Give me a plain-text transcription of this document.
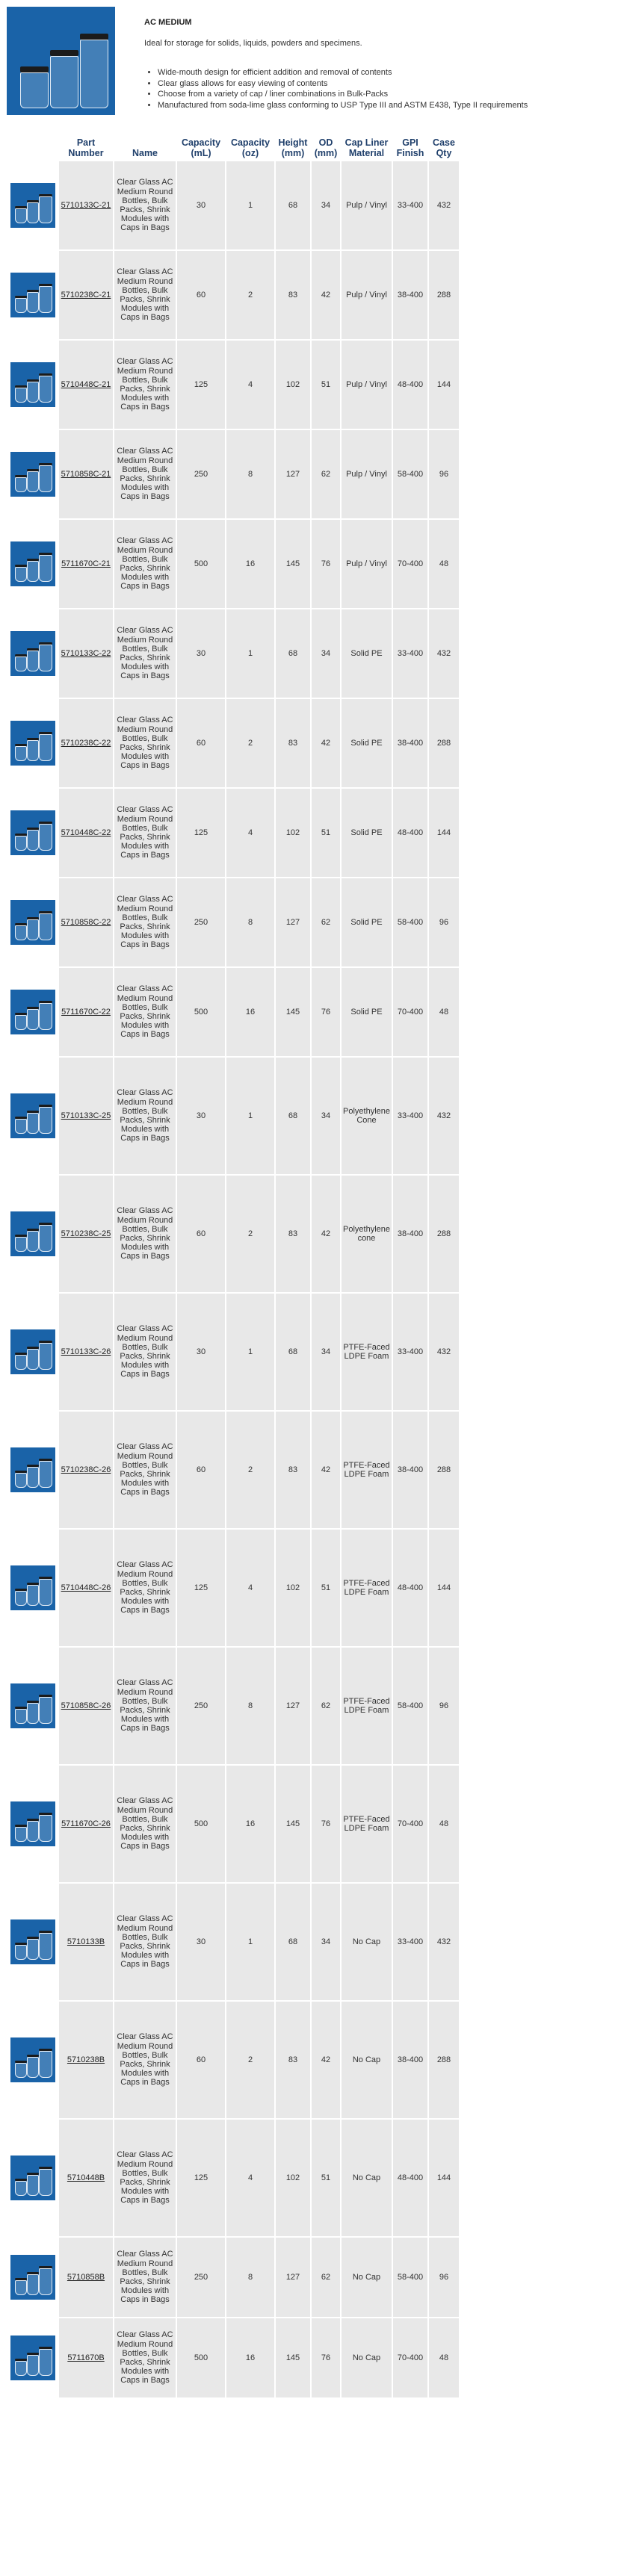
AC MEDIUM
Ideal for storage for solids, liquids, powders and specimens.
• Wide-mouth design for efficient addition and removal of contents
• Clear glass allows for easy viewing of contents
• Choose from a variety of cap / liner combinations in Bulk-Packs
• Manufactured from soda-lime glass conforming to USP Type III and ASTM E438, Type II requirements
	Part Number	Name	Capacity (mL)	Capacity (oz)	Height (mm)	OD (mm)	Cap Liner Material	GPI Finish	Case Qty

	5710133C-21	Clear Glass AC Medium Round Bottles, Bulk Packs, Shrink Modules with Caps in Bags	30	1	68	34	Pulp / Vinyl	33-400	432

	5710238C-21	Clear Glass AC Medium Round Bottles, Bulk Packs, Shrink Modules with Caps in Bags	60	2	83	42	Pulp / Vinyl	38-400	288

	5710448C-21	Clear Glass AC Medium Round Bottles, Bulk Packs, Shrink Modules with Caps in Bags	125	4	102	51	Pulp / Vinyl	48-400	144

	5710858C-21	Clear Glass AC Medium Round Bottles, Bulk Packs, Shrink Modules with Caps in Bags	250	8	127	62	Pulp / Vinyl	58-400	96

	5711670C-21	Clear Glass AC Medium Round Bottles, Bulk Packs, Shrink Modules with Caps in Bags	500	16	145	76	Pulp / Vinyl	70-400	48

	5710133C-22	Clear Glass AC Medium Round Bottles, Bulk Packs, Shrink Modules with Caps in Bags	30	1	68	34	Solid PE	33-400	432

	5710238C-22	Clear Glass AC Medium Round Bottles, Bulk Packs, Shrink Modules with Caps in Bags	60	2	83	42	Solid PE	38-400	288

	5710448C-22	Clear Glass AC Medium Round Bottles, Bulk Packs, Shrink Modules with Caps in Bags	125	4	102	51	Solid PE	48-400	144

	5710858C-22	Clear Glass AC Medium Round Bottles, Bulk Packs, Shrink Modules with Caps in Bags	250	8	127	62	Solid PE	58-400	96

	5711670C-22	Clear Glass AC Medium Round Bottles, Bulk Packs, Shrink Modules with Caps in Bags	500	16	145	76	Solid PE	70-400	48

	5710133C-25	Clear Glass AC Medium Round Bottles, Bulk Packs, Shrink Modules with Caps in Bags	30	1	68	34	Polyethylene Cone	33-400	432

	5710238C-25	Clear Glass AC Medium Round Bottles, Bulk Packs, Shrink Modules with Caps in Bags	60	2	83	42	Polyethylene cone	38-400	288

	5710133C-26	Clear Glass AC Medium Round Bottles, Bulk Packs, Shrink Modules with Caps in Bags	30	1	68	34	PTFE-Faced LDPE Foam	33-400	432

	5710238C-26	Clear Glass AC Medium Round Bottles, Bulk Packs, Shrink Modules with Caps in Bags	60	2	83	42	PTFE-Faced LDPE Foam	38-400	288

	5710448C-26	Clear Glass AC Medium Round Bottles, Bulk Packs, Shrink Modules with Caps in Bags	125	4	102	51	PTFE-Faced LDPE Foam	48-400	144

	5710858C-26	Clear Glass AC Medium Round Bottles, Bulk Packs, Shrink Modules with Caps in Bags	250	8	127	62	PTFE-Faced LDPE Foam	58-400	96

	5711670C-26	Clear Glass AC Medium Round Bottles, Bulk Packs, Shrink Modules with Caps in Bags	500	16	145	76	PTFE-Faced LDPE Foam	70-400	48

	5710133B	Clear Glass AC Medium Round Bottles, Bulk Packs, Shrink Modules with Caps in Bags	30	1	68	34	No Cap	33-400	432

	5710238B	Clear Glass AC Medium Round Bottles, Bulk Packs, Shrink Modules with Caps in Bags	60	2	83	42	No Cap	38-400	288

	5710448B	Clear Glass AC Medium Round Bottles, Bulk Packs, Shrink Modules with Caps in Bags	125	4	102	51	No Cap	48-400	144

	5710858B	Clear Glass AC Medium Round Bottles, Bulk Packs, Shrink Modules with Caps in Bags	250	8	127	62	No Cap	58-400	96

	5711670B	Clear Glass AC Medium Round Bottles, Bulk Packs, Shrink Modules with Caps in Bags	500	16	145	76	No Cap	70-400	48
